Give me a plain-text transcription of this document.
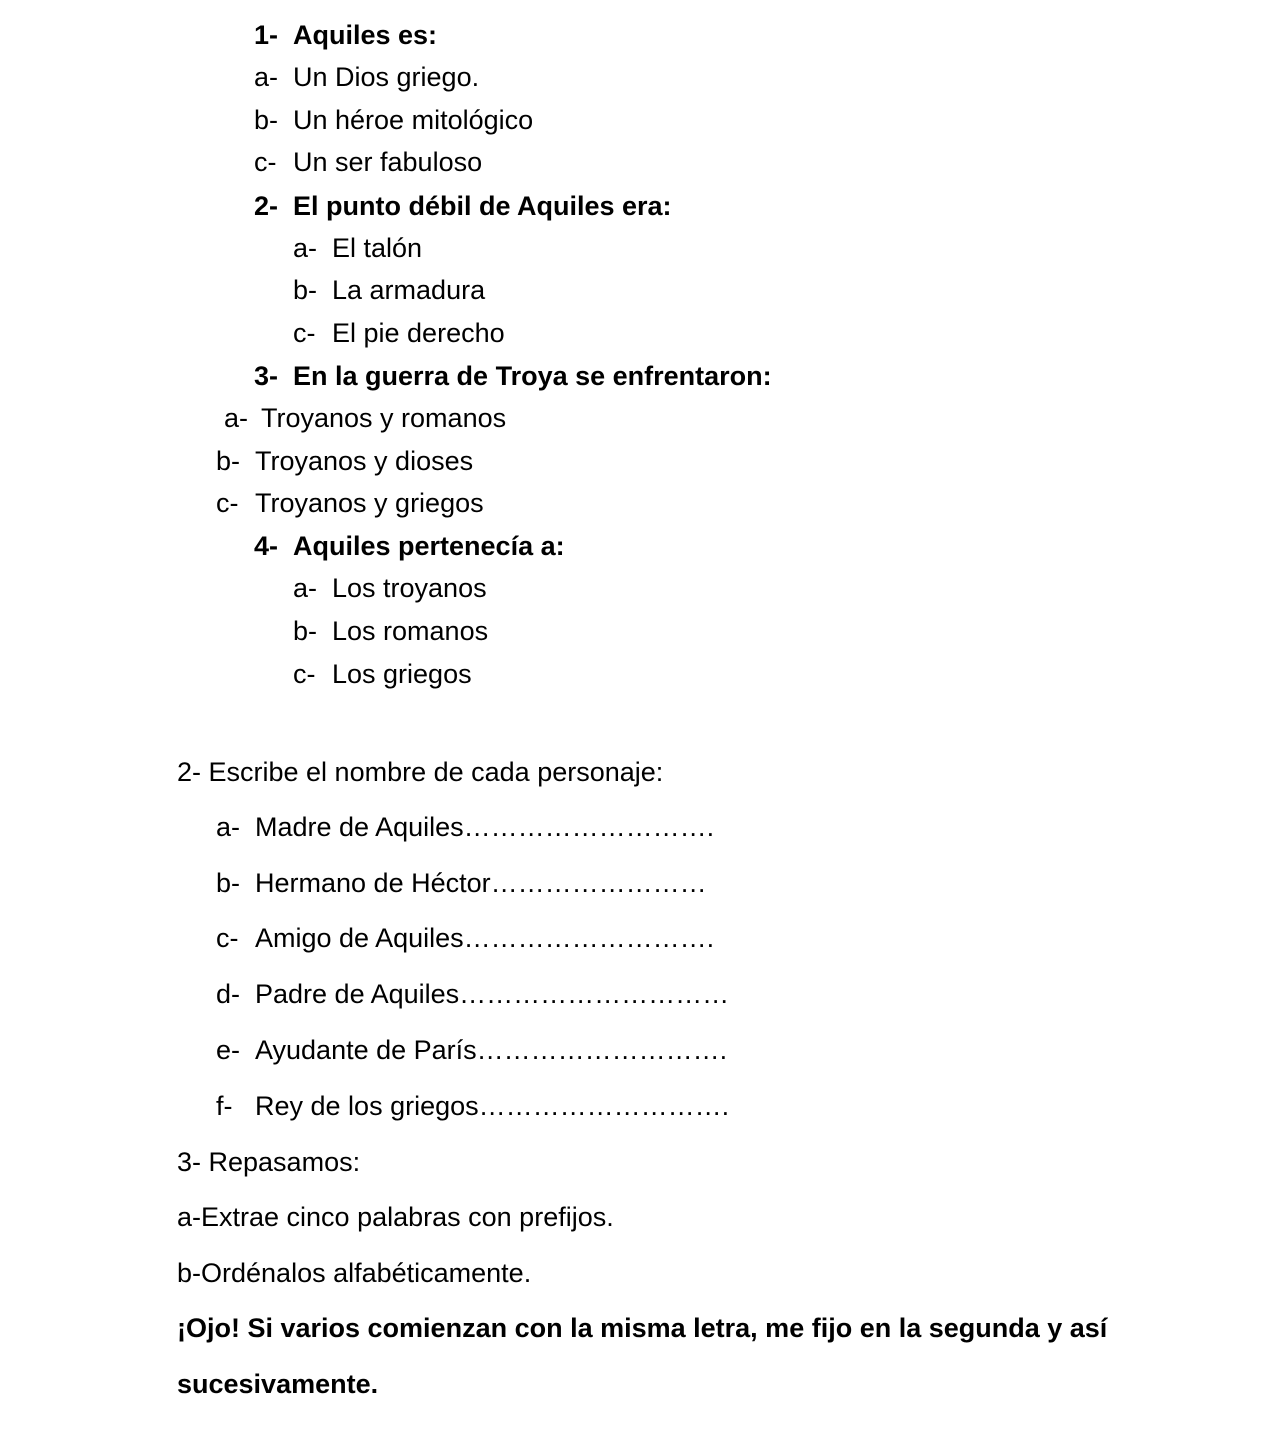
1- Aquiles es:
a- Un Dios griego.
b- Un héroe mitológico
c- Un ser fabuloso
2- El punto débil de Aquiles era:
a- El talón
b- La armadura
c- El pie derecho
3- En la guerra de Troya se enfrentaron:
a- Troyanos y romanos
b- Troyanos y dioses
c- Troyanos y griegos
4- Aquiles pertenecía a:
a- Los troyanos
b- Los romanos
c- Los griegos
2- Escribe el nombre de cada personaje:
a- Madre de Aquiles……………………….
b- Hermano de Héctor……………………
c- Amigo de Aquiles……………………….
d- Padre de Aquiles…………………………
e- Ayudante de París……………………….
f- Rey de los griegos……………………….
3- Repasamos:
a-Extrae cinco palabras con prefijos.
b-Ordénalos alfabéticamente.
¡Ojo! Si varios comienzan con la misma letra, me fijo en la segunda y así
sucesivamente.
